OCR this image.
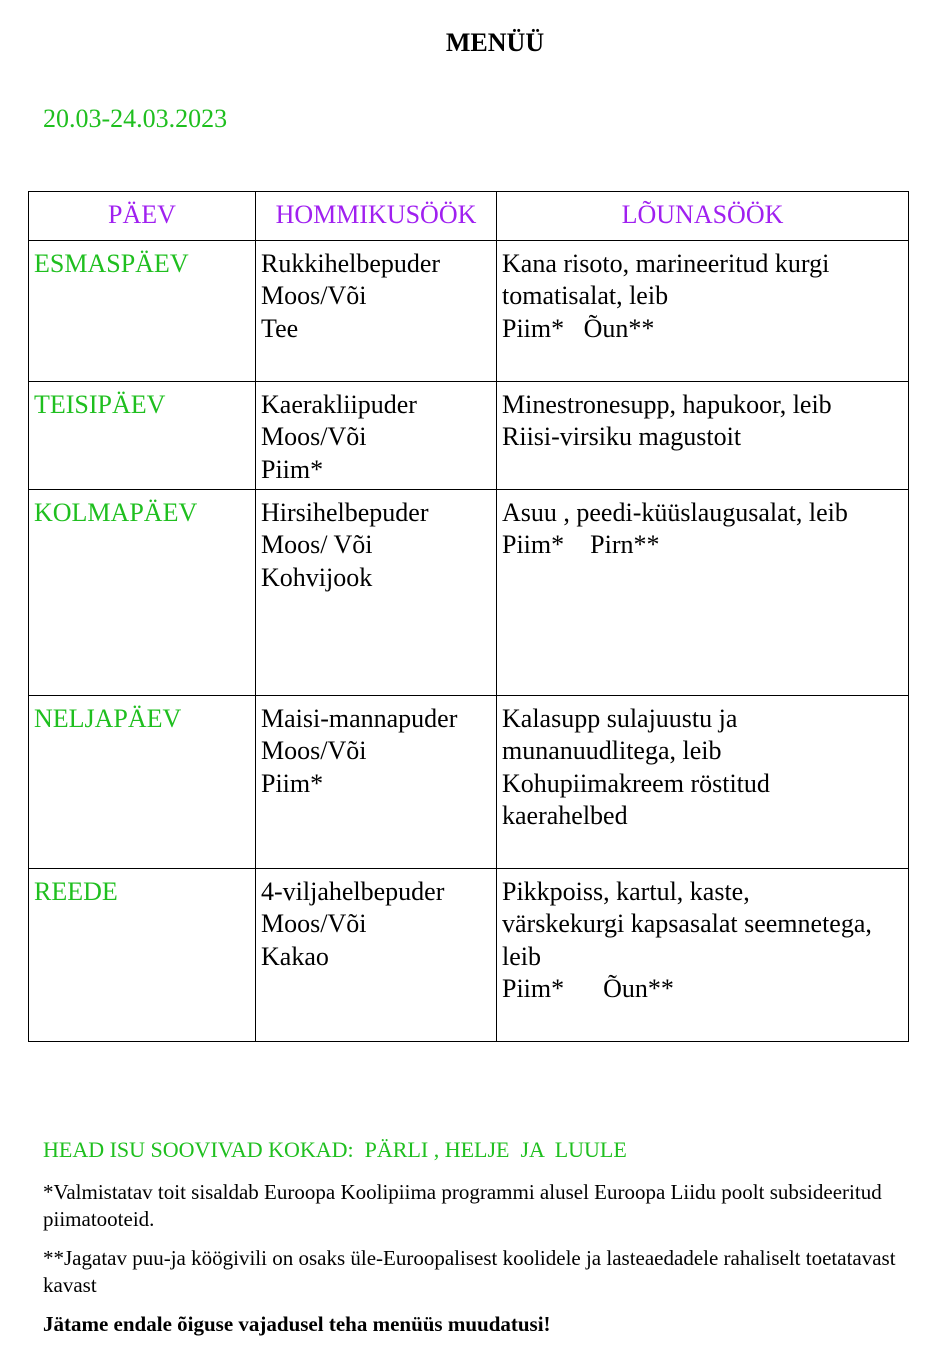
MENÜÜ
20.03-24.03.2023
PÄEV	HOMMIKUSÖÖK	LÕUNASÖÖK
ESMASPÄEV	Rukkihelbepuder
Moos/Või
Tee	Kana risoto, marineeritud kurgi
tomatisalat, leib
Piim*   Õun**

TEISIPÄEV	Kaerakliipuder
Moos/Või
Piim*	Minestronesupp, hapukoor, leib
Riisi-virsiku magustoit

KOLMAPÄEV	Hirsihelbepuder
Moos/ Või
Kohvijook	Asuu , peedi-küüslaugusalat, leib
Piim*    Pirn**

NELJAPÄEV	Maisi-mannapuder
Moos/Või
Piim*	Kalasupp sulajuustu ja
munanuudlitega, leib
Kohupiimakreem röstitud
kaerahelbed

REEDE	4-viljahelbepuder
Moos/Või
Kakao	Pikkpoiss, kartul, kaste,
värskekurgi kapsasalat seemnetega,
leib
Piim*      Õun**
HEAD ISU SOOVIVAD KOKAD:  PÄRLI , HELJE  JA  LUULE
*Valmistatav toit sisaldab Euroopa Koolipiima programmi alusel Euroopa Liidu poolt subsideeritud piimatooteid.
**Jagatav puu-ja köögivili on osaks üle-Euroopalisest koolidele ja lasteaedadele rahaliselt toetatavast kavast
Jätame endale õiguse vajadusel teha menüüs muudatusi!
